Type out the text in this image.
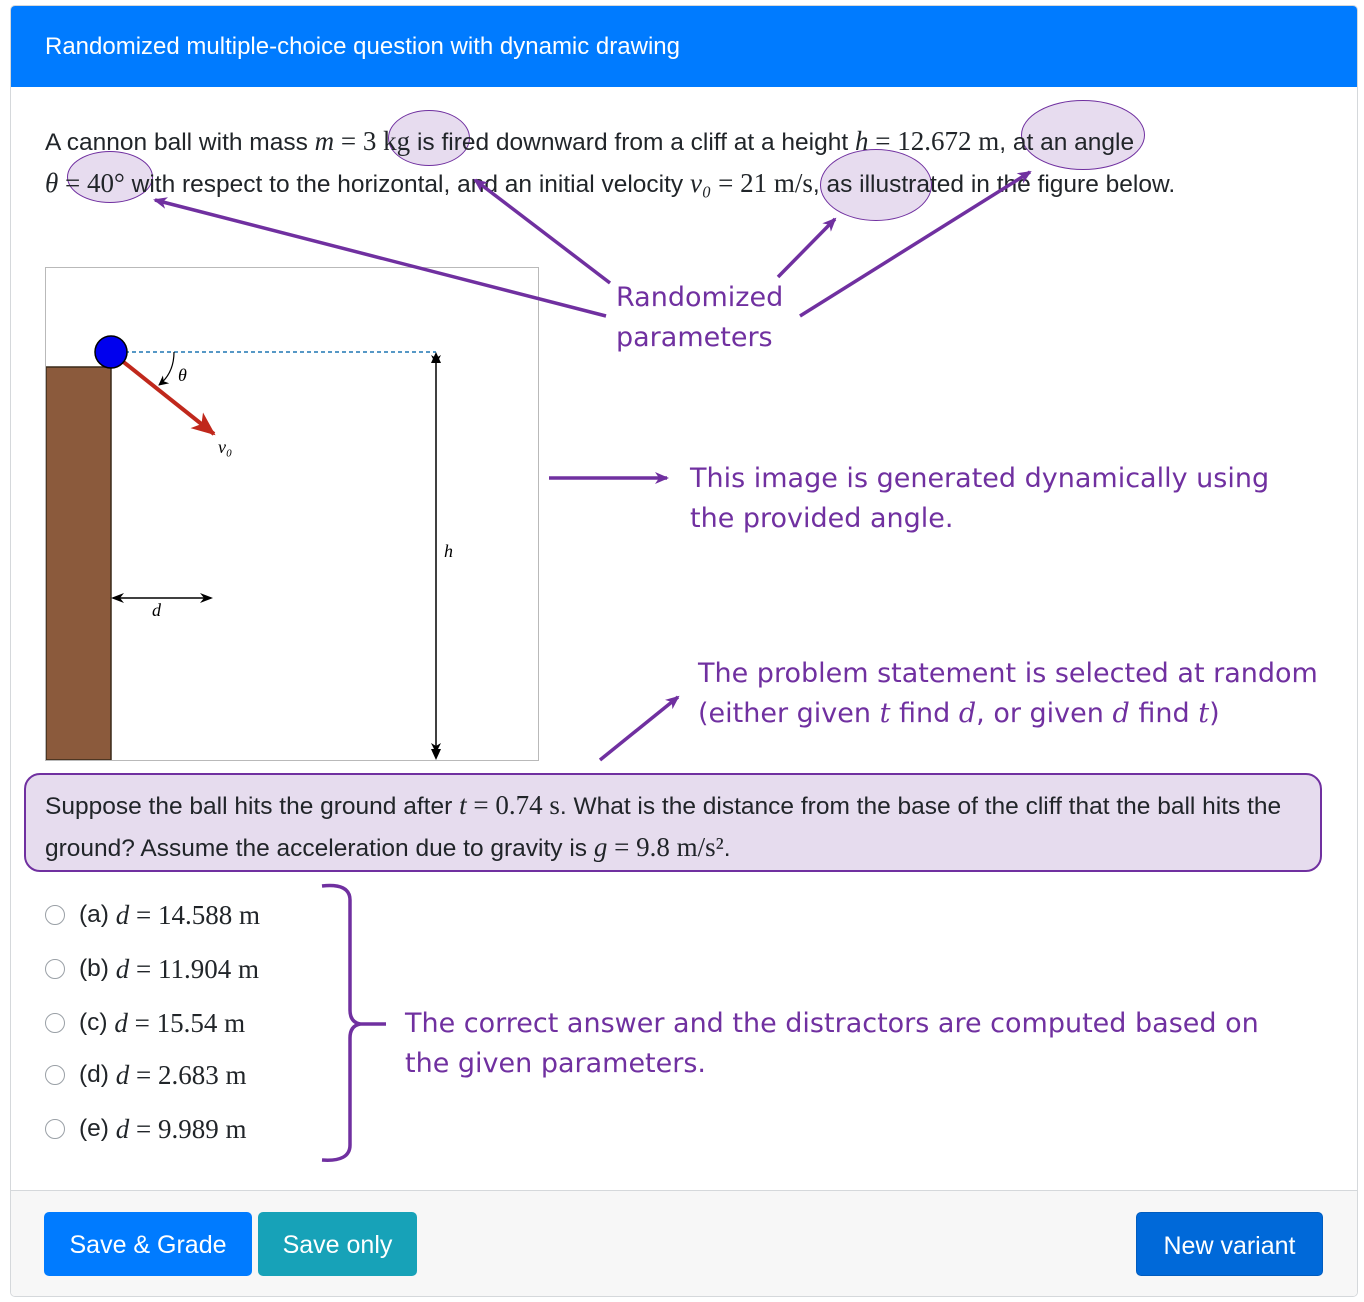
Randomized multiple-choice question with dynamic drawing
A cannon ball with mass m = 3 kg is fired downward from a cliff at a height h = 12.672 m, at an angle
θ = 40° with respect to the horizontal, and an initial velocity v₀ = 21 m/s, as illustrated in the figure below.
θ
v₀
h
d
Randomized
parameters
This image is generated dynamically using
the provided angle.
The problem statement is selected at random
(either given t find d, or given d find t)
The correct answer and the distractors are computed based on
the given parameters.
Suppose the ball hits the ground after t = 0.74 s. What is the distance from the base of the cliff that the ball hits the ground? Assume the acceleration due to gravity is g = 9.8 m/s².
(a)
d = 14.588 m
(b)
d = 11.904 m
(c)
d = 15.54 m
(d)
d = 2.683 m
(e)
d = 9.989 m
Save & Grade	Save only	New variant
